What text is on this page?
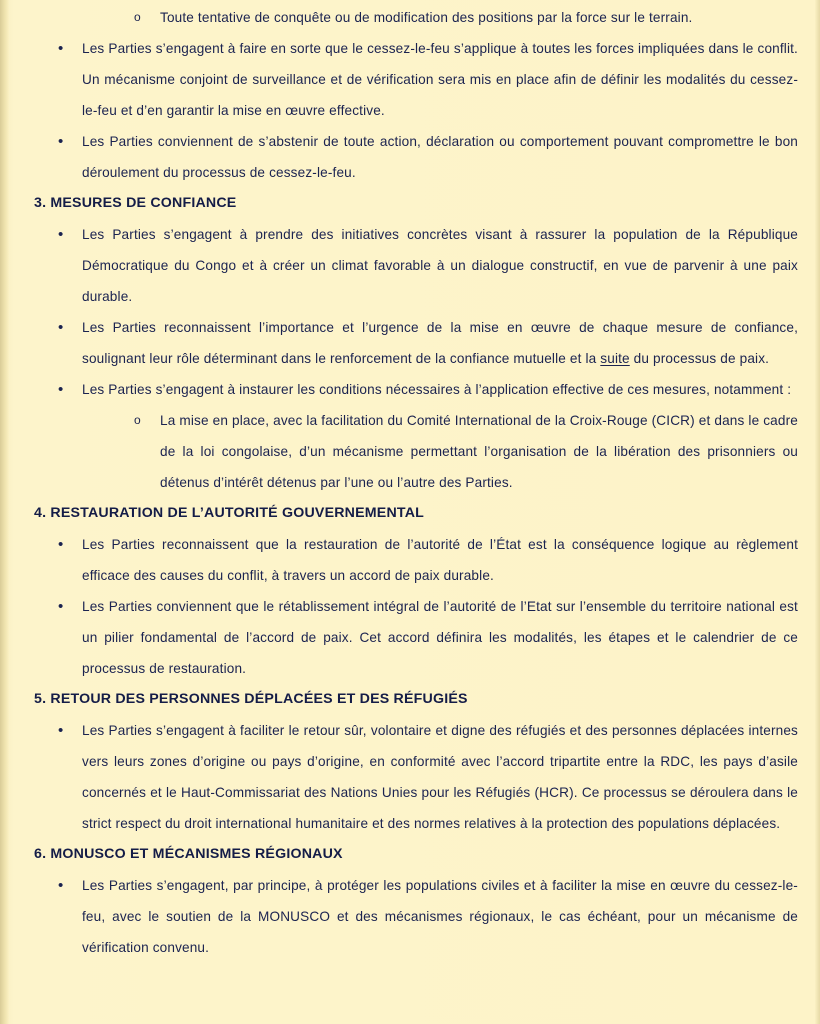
o Toute tentative de conquête ou de modification des positions par la force sur le terrain.
• Les Parties s’engagent à faire en sorte que le cessez-le-feu s’applique à toutes les forces impliquées dans le conflit. Un mécanisme conjoint de surveillance et de vérification sera mis en place afin de définir les modalités du cessez-le-feu et d’en garantir la mise en œuvre effective.
• Les Parties conviennent de s’abstenir de toute action, déclaration ou comportement pouvant compromettre le bon déroulement du processus de cessez-le-feu.
3. MESURES DE CONFIANCE
• Les Parties s’engagent à prendre des initiatives concrètes visant à rassurer la population de la République Démocratique du Congo et à créer un climat favorable à un dialogue constructif, en vue de parvenir à une paix durable.
• Les Parties reconnaissent l’importance et l’urgence de la mise en œuvre de chaque mesure de confiance, soulignant leur rôle déterminant dans le renforcement de la confiance mutuelle et la suite du processus de paix.
• Les Parties s’engagent à instaurer les conditions nécessaires à l’application effective de ces mesures, notamment :
o La mise en place, avec la facilitation du Comité International de la Croix-Rouge (CICR) et dans le cadre de la loi congolaise, d’un mécanisme permettant l’organisation de la libération des prisonniers ou détenus d’intérêt détenus par l’une ou l’autre des Parties.
4. RESTAURATION DE L’AUTORITÉ GOUVERNEMENTAL
• Les Parties reconnaissent que la restauration de l’autorité de l’État est la conséquence logique au règlement efficace des causes du conflit, à travers un accord de paix durable.
• Les Parties conviennent que le rétablissement intégral de l’autorité de l’Etat sur l’ensemble du territoire national est un pilier fondamental de l’accord de paix. Cet accord définira les modalités, les étapes et le calendrier de ce processus de restauration.
5. RETOUR DES PERSONNES DÉPLACÉES ET DES RÉFUGIÉS
• Les Parties s’engagent à faciliter le retour sûr, volontaire et digne des réfugiés et des personnes déplacées internes vers leurs zones d’origine ou pays d’origine, en conformité avec l’accord tripartite entre la RDC, les pays d’asile concernés et le Haut-Commissariat des Nations Unies pour les Réfugiés (HCR). Ce processus se déroulera dans le strict respect du droit international humanitaire et des normes relatives à la protection des populations déplacées.
6. MONUSCO ET MÉCANISMES RÉGIONAUX
• Les Parties s’engagent, par principe, à protéger les populations civiles et à faciliter la mise en œuvre du cessez-le-feu, avec le soutien de la MONUSCO et des mécanismes régionaux, le cas échéant, pour un mécanisme de vérification convenu.
